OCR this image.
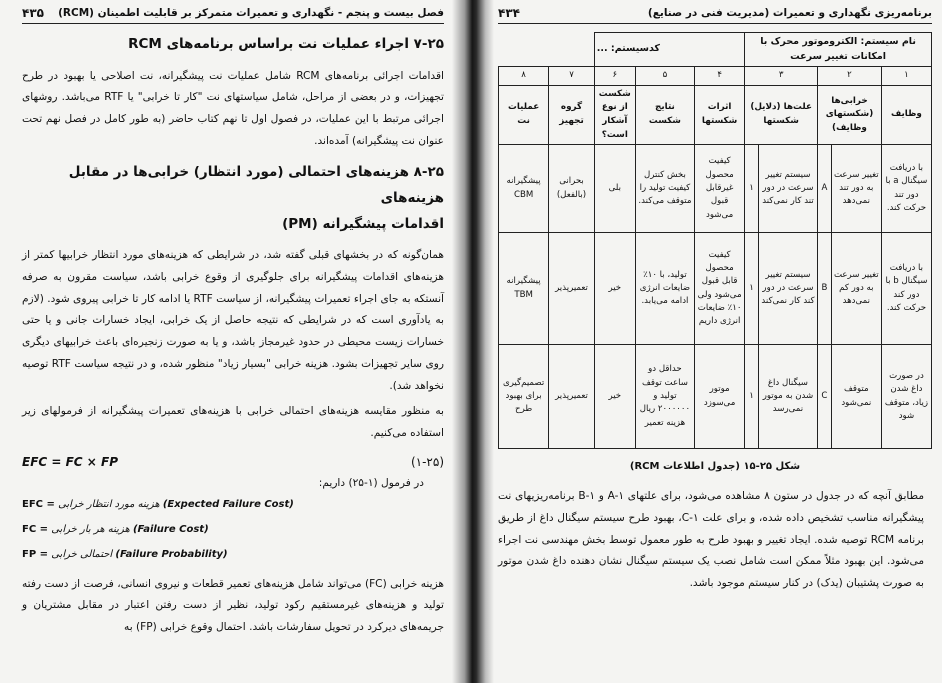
فصل بیست و پنجم - نگهداری و تعمیرات متمرکز بر قابلیت اطمینان (RCM)
۴۳۵
۷-۲۵ اجراء عملیات نت براساس برنامه‌های RCM

اقدامات اجرائی برنامه‌های RCM شامل عملیات نت پیشگیرانه، نت اصلاحی یا بهبود در طرح تجهیزات، و در بعضی از مراحل، شامل سیاستهای نت "کار تا خرابی" یا RTF می‌باشد. روشهای اجرائی مرتبط با این عملیات، در فصول اول تا نهم کتاب حاضر (به طور کامل در فصل نهم تحت عنوان نت پیشگیرانه) آمده‌اند.

۸-۲۵ هزینه‌های احتمالی (مورد انتظار) خرابی‌ها در مقابل هزینه‌های
اقدامات پیشگیرانه (PM)

همان‌گونه که در بخشهای قبلی گفته شد، در شرایطی که هزینه‌های مورد انتظار خرابیها کمتر از هزینه‌های اقدامات پیشگیرانه برای جلوگیری از وقوع خرابی باشد، سیاست مقرون به صرفه آنستکه به جای اجراء تعمیرات پیشگیرانه، از سیاست RTF یا ادامه کار تا خرابی پیروی شود. (لازم به یادآوری است که در شرایطی که نتیجه حاصل از یک خرابی، ایجاد خسارات جانی و یا حتی خسارات زیست محیطی در حدود غیرمجاز باشد، و یا به صورت زنجیره‌ای باعث خرابیهای دیگری روی سایر تجهیزات بشود. هزینه خرابی "بسیار زیاد" منظور شده، و در نتیجه سیاست RTF توصیه نخواهد شد).

به منظور مقایسه هزینه‌های احتمالی خرابی با هزینه‌های تعمیرات پیشگیرانه از فرمولهای زیر استفاده می‌کنیم.

EFC = FC × FP	(۱-۲۵)
در فرمول (۱-۲۵) داریم:
EFC = هزینه مورد انتظار خرابی (Expected Failure Cost)
FC = هزینه هر بار خرابی (Failure Cost)
FP = احتمالی خرابی (Failure Probability)

هزینه خرابی (FC) می‌تواند شامل هزینه‌های تعمیر قطعات و نیروی انسانی، فرصت از دست رفته تولید و هزینه‌های غیرمستقیم رکود تولید، نظیر از دست رفتن اعتبار در مقابل مشتریان و جریمه‌های دیرکرد در تحویل سفارشات باشد. احتمال وقوع خرابی (FP) به

برنامه‌ریزی نگهداری و تعمیرات (مدیریت فنی در صنایع)
۴۳۴
نام سیستم: الکتروموتور محرک با امکانات تغییر سرعت					کدسیستم: ...				
۱	۲		۳		۴	۵	۶	۷	۸
وظایف	خرابی‌ها (شکستهای وظایف)		علت‌ها (دلایل) شکستها		اثرات شکستها	نتایج شکست	شکست از نوع آشکار است؟	گروه تجهیز	عملیات نت
با دریافت سیگنال a با دور تند حرکت کند.	تغییر سرعت به دور تند نمی‌دهد	A	سیستم تغییر سرعت در دور تند کار نمی‌کند	۱	کیفیت محصول غیرقابل قبول می‌شود	بخش کنترل کیفیت تولید را متوقف می‌کند.	بلی	بحرانی (بالفعل)	پیشگیرانه CBM
با دریافت سیگنال b با دور کند حرکت کند.	تغییر سرعت به دور کم نمی‌دهد	B	سیستم تغییر سرعت در دور کند کار نمی‌کند	۱	کیفیت محصول قابل قبول می‌شود ولی ۱۰٪ ضایعات انرژی داریم	تولید، با ۱۰٪ ضایعات انرژی ادامه می‌یابد.	خیر	تعمیرپذیر	پیشگیرانه TBM
در صورت داغ شدن زیاد، متوقف شود	متوقف نمی‌شود	C	سیگنال داغ شدن به موتور نمی‌رسد	۱	موتور می‌سوزد	حداقل دو ساعت توقف تولید و ۲۰۰۰۰۰۰ ریال هزینه تعمیر	خیر	تعمیرپذیر	تصمیم‌گیری برای بهبود طرح
شکل ۲۵-۱۵ (جدول اطلاعات RCM)

مطابق آنچه که در جدول در ستون ۸ مشاهده می‌شود، برای علتهای A-۱ و B-۱ برنامه‌ریزیهای نت پیشگیرانه مناسب تشخیص داده شده، و برای علت C-۱، بهبود طرح سیستم سیگنال داغ از طریق برنامه RCM توصیه شده. ایجاد تغییر و بهبود طرح به طور معمول توسط بخش مهندسی نت اجراء می‌شود. این بهبود مثلاً ممکن است شامل نصب یک سیستم سیگنال نشان دهنده داغ شدن موتور به صورت پشتیبان (یدک) در کنار سیستم موجود باشد.
